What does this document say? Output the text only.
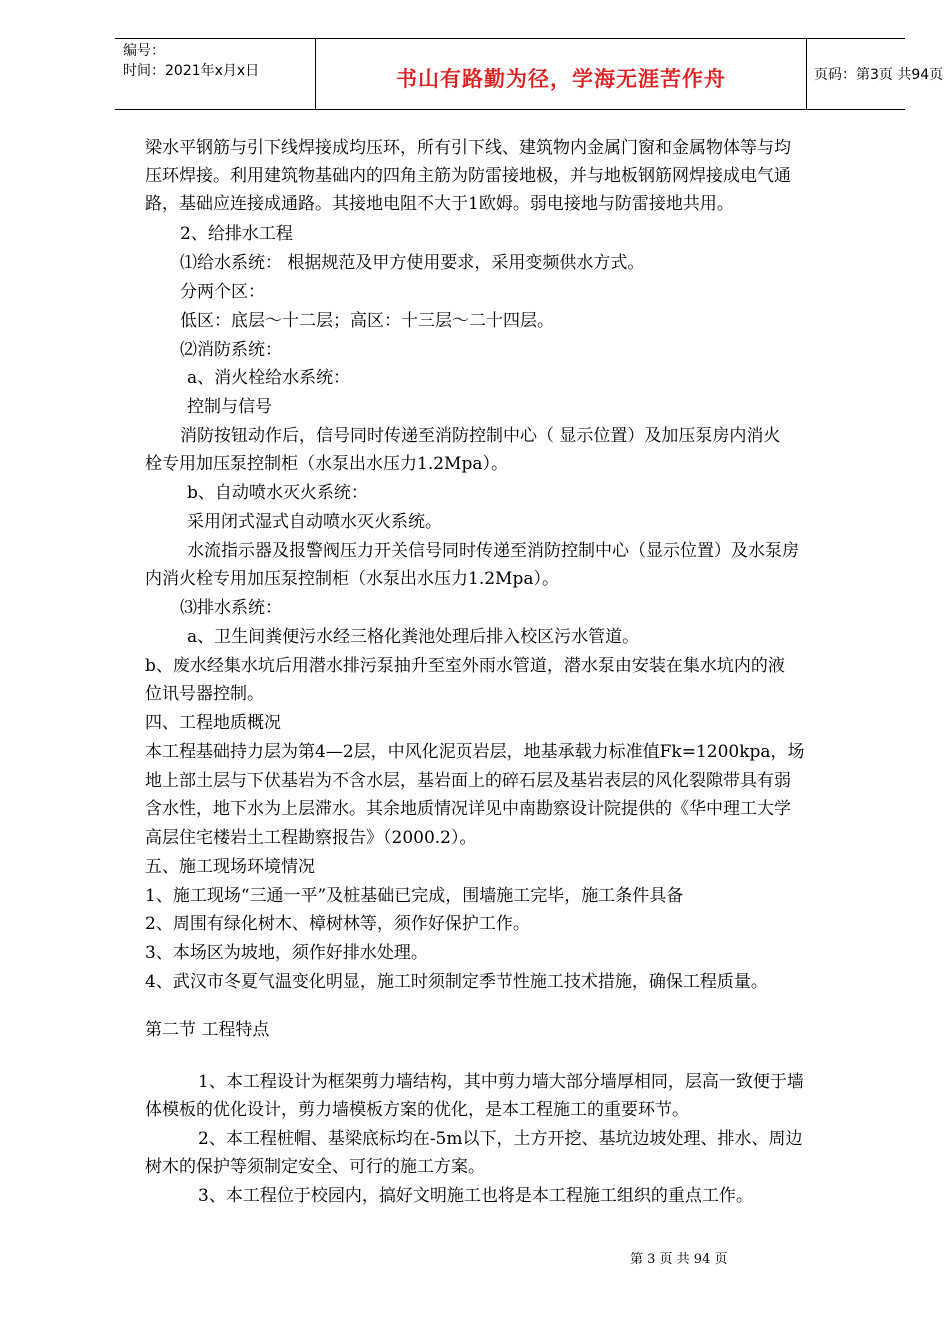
编号：
时间：2021年x月x日	书山有路勤为径，学海无涯苦作舟	页码：第3页 共94页
梁水平钢筋与引下线焊接成均压环，所有引下线、建筑物内金属门窗和金属物体等与均
压环焊接。利用建筑物基础内的四角主筋为防雷接地极，并与地板钢筋网焊接成电气通
路，基础应连接成通路。其接地电阻不大于1欧姆。弱电接地与防雷接地共用。
2、给排水工程
⑴给水系统： 根据规范及甲方使用要求，采用变频供水方式。
分两个区：
低区：底层～十二层；高区：十三层～二十四层。
⑵消防系统：
a、消火栓给水系统：
控制与信号
消防按钮动作后，信号同时传递至消防控制中心（ 显示位置）及加压泵房内消火
栓专用加压泵控制柜（水泵出水压力1.2Mpa）。
b、自动喷水灭火系统：
采用闭式湿式自动喷水灭火系统。
水流指示器及报警阀压力开关信号同时传递至消防控制中心（显示位置）及水泵房
内消火栓专用加压泵控制柜（水泵出水压力1.2Mpa）。
⑶排水系统：
a、卫生间粪便污水经三格化粪池处理后排入校区污水管道。
b、废水经集水坑后用潜水排污泵抽升至室外雨水管道，潜水泵由安装在集水坑内的液
位讯号器控制。
四、工程地质概况
本工程基础持力层为第4—2层，中风化泥页岩层，地基承载力标准值Fk=1200kpa，场
地上部土层与下伏基岩为不含水层，基岩面上的碎石层及基岩表层的风化裂隙带具有弱
含水性，地下水为上层滞水。其余地质情况详见中南勘察设计院提供的《华中理工大学
高层住宅楼岩土工程勘察报告》（2000.2）。
五、施工现场环境情况
1、施工现场“三通一平”及桩基础已完成，围墙施工完毕，施工条件具备
2、周围有绿化树木、樟树林等，须作好保护工作。
3、本场区为坡地，须作好排水处理。
4、武汉市冬夏气温变化明显，施工时须制定季节性施工技术措施，确保工程质量。
第二节 工程特点
1、本工程设计为框架剪力墙结构，其中剪力墙大部分墙厚相同，层高一致便于墙
体模板的优化设计，剪力墙模板方案的优化，是本工程施工的重要环节。
2、本工程桩帽、基梁底标均在-5m以下，土方开挖、基坑边坡处理、排水、周边
树木的保护等须制定安全、可行的施工方案。
3、本工程位于校园内，搞好文明施工也将是本工程施工组织的重点工作。
第 3 页 共 94 页
